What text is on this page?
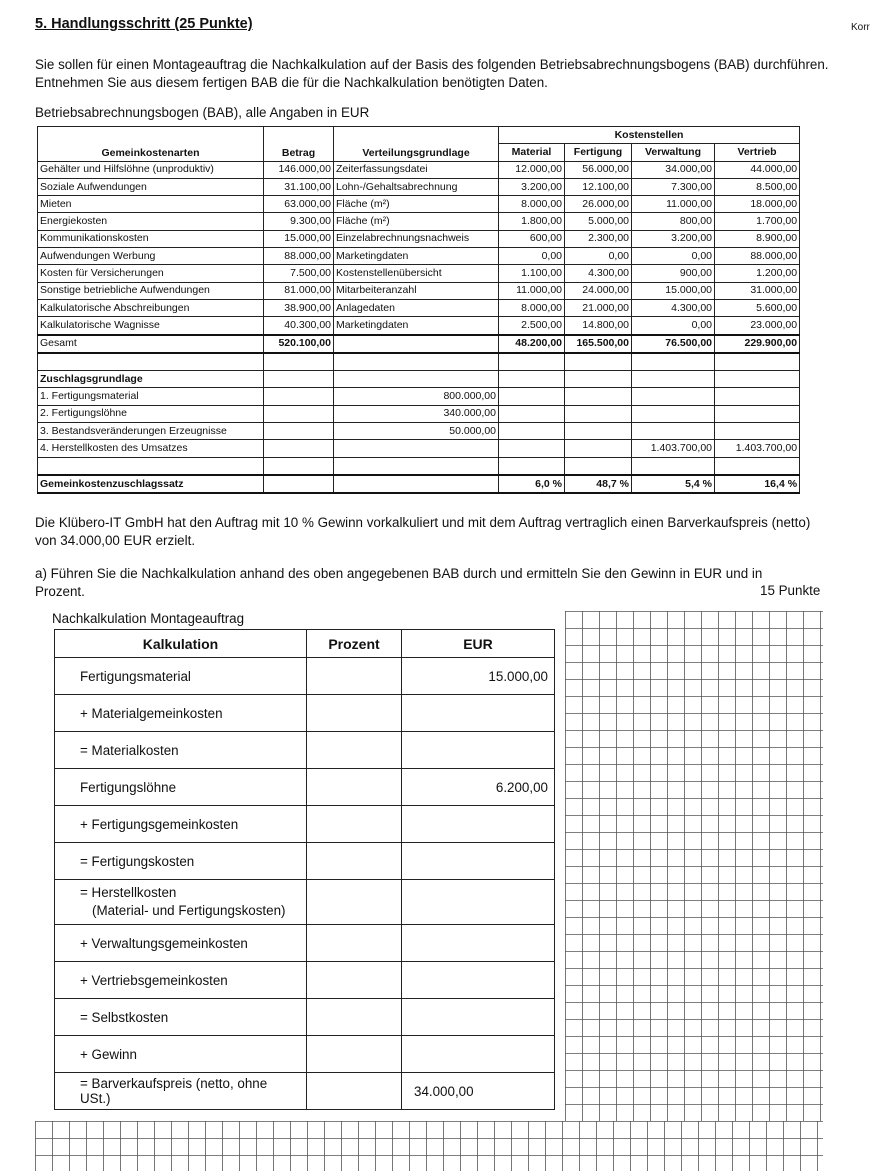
5. Handlungsschritt (25 Punkte)	Korr
Sie sollen für einen Montageauftrag die Nachkalkulation auf der Basis des folgenden Betriebsabrechnungsbogens (BAB) durchführen. Entnehmen Sie aus diesem fertigen BAB die für die Nachkalkulation benötigten Daten.
Betriebsabrechnungsbogen (BAB), alle Angaben in EUR
Gemeinkostenarten	Betrag	Verteilungsgrundlage	Kostenstellen			
			Material	Fertigung	Verwaltung	Vertrieb
Gehälter und Hilfslöhne (unproduktiv)	146.000,00	Zeiterfassungsdatei	12.000,00	56.000,00	34.000,00	44.000,00
Soziale Aufwendungen	31.100,00	Lohn-/Gehaltsabrechnung	3.200,00	12.100,00	7.300,00	8.500,00
Mieten	63.000,00	Fläche (m²)	8.000,00	26.000,00	11.000,00	18.000,00
Energiekosten	9.300,00	Fläche (m²)	1.800,00	5.000,00	800,00	1.700,00
Kommunikationskosten	15.000,00	Einzelabrechnungsnachweis	600,00	2.300,00	3.200,00	8.900,00
Aufwendungen Werbung	88.000,00	Marketingdaten	0,00	0,00	0,00	88.000,00
Kosten für Versicherungen	7.500,00	Kostenstellenübersicht	1.100,00	4.300,00	900,00	1.200,00
Sonstige betriebliche Aufwendungen	81.000,00	Mitarbeiteranzahl	11.000,00	24.000,00	15.000,00	31.000,00
Kalkulatorische Abschreibungen	38.900,00	Anlagedaten	8.000,00	21.000,00	4.300,00	5.600,00
Kalkulatorische Wagnisse	40.300,00	Marketingdaten	2.500,00	14.800,00	0,00	23.000,00
Gesamt	520.100,00		48.200,00	165.500,00	76.500,00	229.900,00

Zuschlagsgrundlage						
1. Fertigungsmaterial		800.000,00				
2. Fertigungslöhne		340.000,00				
3. Bestandsveränderungen Erzeugnisse		50.000,00				
4. Herstellkosten des Umsatzes					1.403.700,00	1.403.700,00

Gemeinkostenzuschlagssatz			6,0 %	48,7 %	5,4 %	16,4 %
Die Klübero-IT GmbH hat den Auftrag mit 10 % Gewinn vorkalkuliert und mit dem Auftrag vertraglich einen Barverkaufspreis (netto) von 34.000,00 EUR erzielt.
a) Führen Sie die Nachkalkulation anhand des oben angegebenen BAB durch und ermitteln Sie den Gewinn in EUR und in Prozent.	15 Punkte
Nachkalkulation Montageauftrag
Kalkulation	Prozent	EUR
Fertigungsmaterial		15.000,00
+ Materialgemeinkosten		
= Materialkosten		
Fertigungslöhne		6.200,00
+ Fertigungsgemeinkosten		
= Fertigungskosten		
= Herstellkosten
(Material- und Fertigungskosten)		
+ Verwaltungsgemeinkosten		
+ Vertriebsgemeinkosten		
= Selbstkosten		
+ Gewinn		
= Barverkaufspreis (netto, ohne USt.)		34.000,00
